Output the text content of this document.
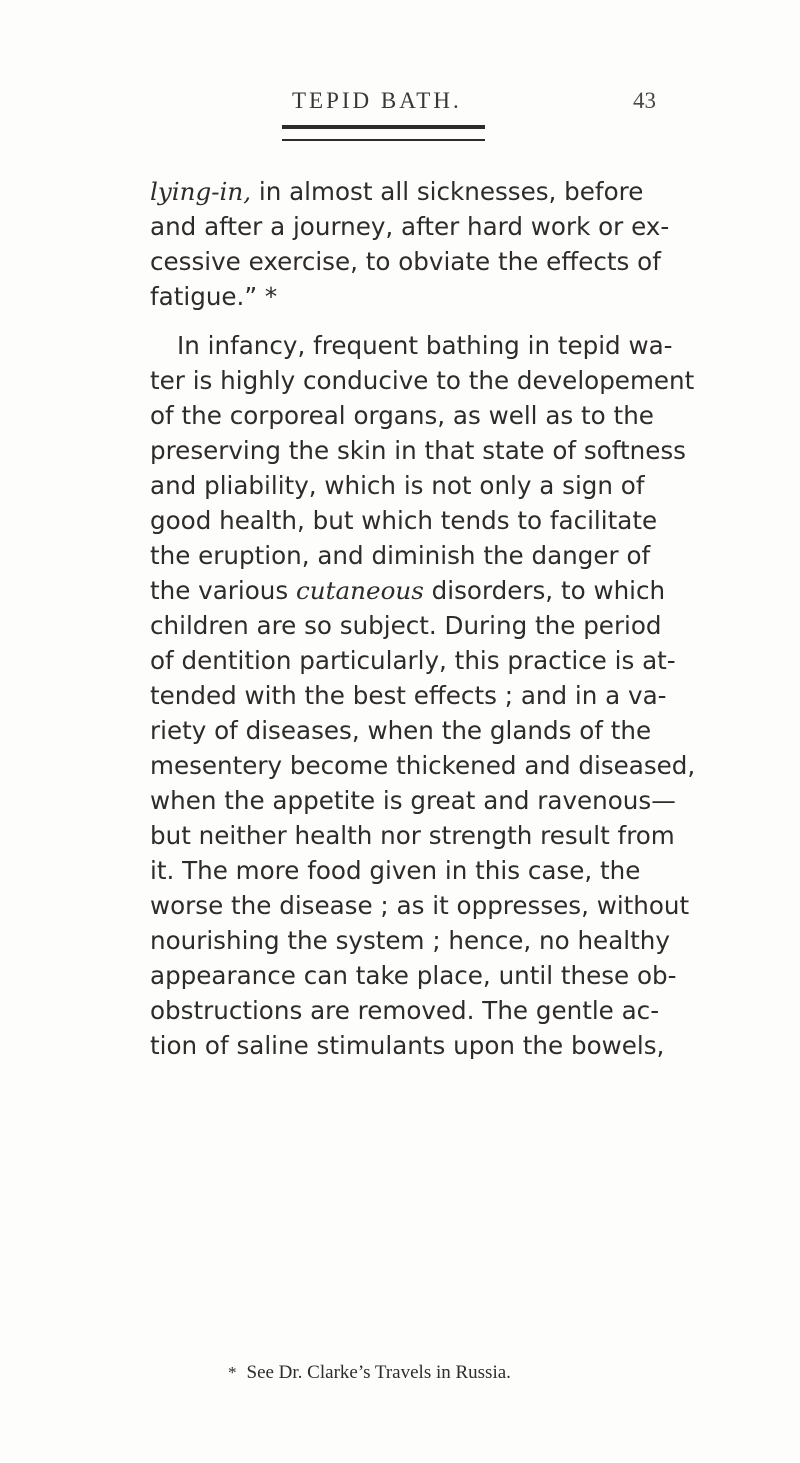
TEPID BATH.	43
lying-in, in almost all sicknesses, before
and after a journey, after hard work or ex-
cessive exercise, to obviate the effects of
fatigue.” *
In infancy, frequent bathing in tepid wa-
ter is highly conducive to the developement
of the corporeal organs, as well as to the
preserving the skin in that state of softness
and pliability, which is not only a sign of
good health, but which tends to facilitate
the eruption, and diminish the danger of
the various cutaneous disorders, to which
children are so subject. During the period
of dentition particularly, this practice is at-
tended with the best effects ; and in a va-
riety of diseases, when the glands of the
mesentery become thickened and diseased,
when the appetite is great and ravenous—
but neither health nor strength result from
it. The more food given in this case, the
worse the disease ; as it oppresses, without
nourishing the system ; hence, no healthy
appearance can take place, until these ob-
obstructions are removed. The gentle ac-
tion of saline stimulants upon the bowels,
* See Dr. Clarke’s Travels in Russia.
